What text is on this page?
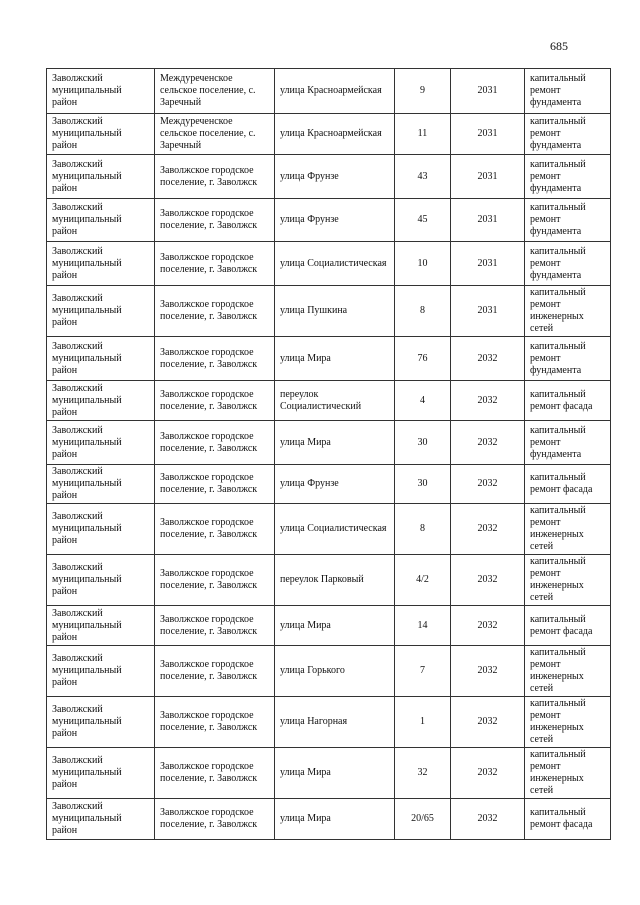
685
Заволжский муниципальный район	Междуреченское сельское поселение, с. Заречный	улица Красноармейская	9	2031	капитальный ремонт фундамента
Заволжский муниципальный район	Междуреченское сельское поселение, с. Заречный	улица Красноармейская	11	2031	капитальный ремонт фундамента
Заволжский муниципальный район	Заволжское городское поселение, г. Заволжск	улица Фрунзе	43	2031	капитальный ремонт фундамента
Заволжский муниципальный район	Заволжское городское поселение, г. Заволжск	улица Фрунзе	45	2031	капитальный ремонт фундамента
Заволжский муниципальный район	Заволжское городское поселение, г. Заволжск	улица Социалистическая	10	2031	капитальный ремонт фундамента
Заволжский муниципальный район	Заволжское городское поселение, г. Заволжск	улица Пушкина	8	2031	капитальный ремонт инженерных сетей
Заволжский муниципальный район	Заволжское городское поселение, г. Заволжск	улица Мира	76	2032	капитальный ремонт фундамента
Заволжский муниципальный район	Заволжское городское поселение, г. Заволжск	переулок Социалистический	4	2032	капитальный ремонт фасада
Заволжский муниципальный район	Заволжское городское поселение, г. Заволжск	улица Мира	30	2032	капитальный ремонт фундамента
Заволжский муниципальный район	Заволжское городское поселение, г. Заволжск	улица Фрунзе	30	2032	капитальный ремонт фасада
Заволжский муниципальный район	Заволжское городское поселение, г. Заволжск	улица Социалистическая	8	2032	капитальный ремонт инженерных сетей
Заволжский муниципальный район	Заволжское городское поселение, г. Заволжск	переулок Парковый	4/2	2032	капитальный ремонт инженерных сетей
Заволжский муниципальный район	Заволжское городское поселение, г. Заволжск	улица Мира	14	2032	капитальный ремонт фасада
Заволжский муниципальный район	Заволжское городское поселение, г. Заволжск	улица Горького	7	2032	капитальный ремонт инженерных сетей
Заволжский муниципальный район	Заволжское городское поселение, г. Заволжск	улица Нагорная	1	2032	капитальный ремонт инженерных сетей
Заволжский муниципальный район	Заволжское городское поселение, г. Заволжск	улица Мира	32	2032	капитальный ремонт инженерных сетей
Заволжский муниципальный район	Заволжское городское поселение, г. Заволжск	улица Мира	20/65	2032	капитальный ремонт фасада
